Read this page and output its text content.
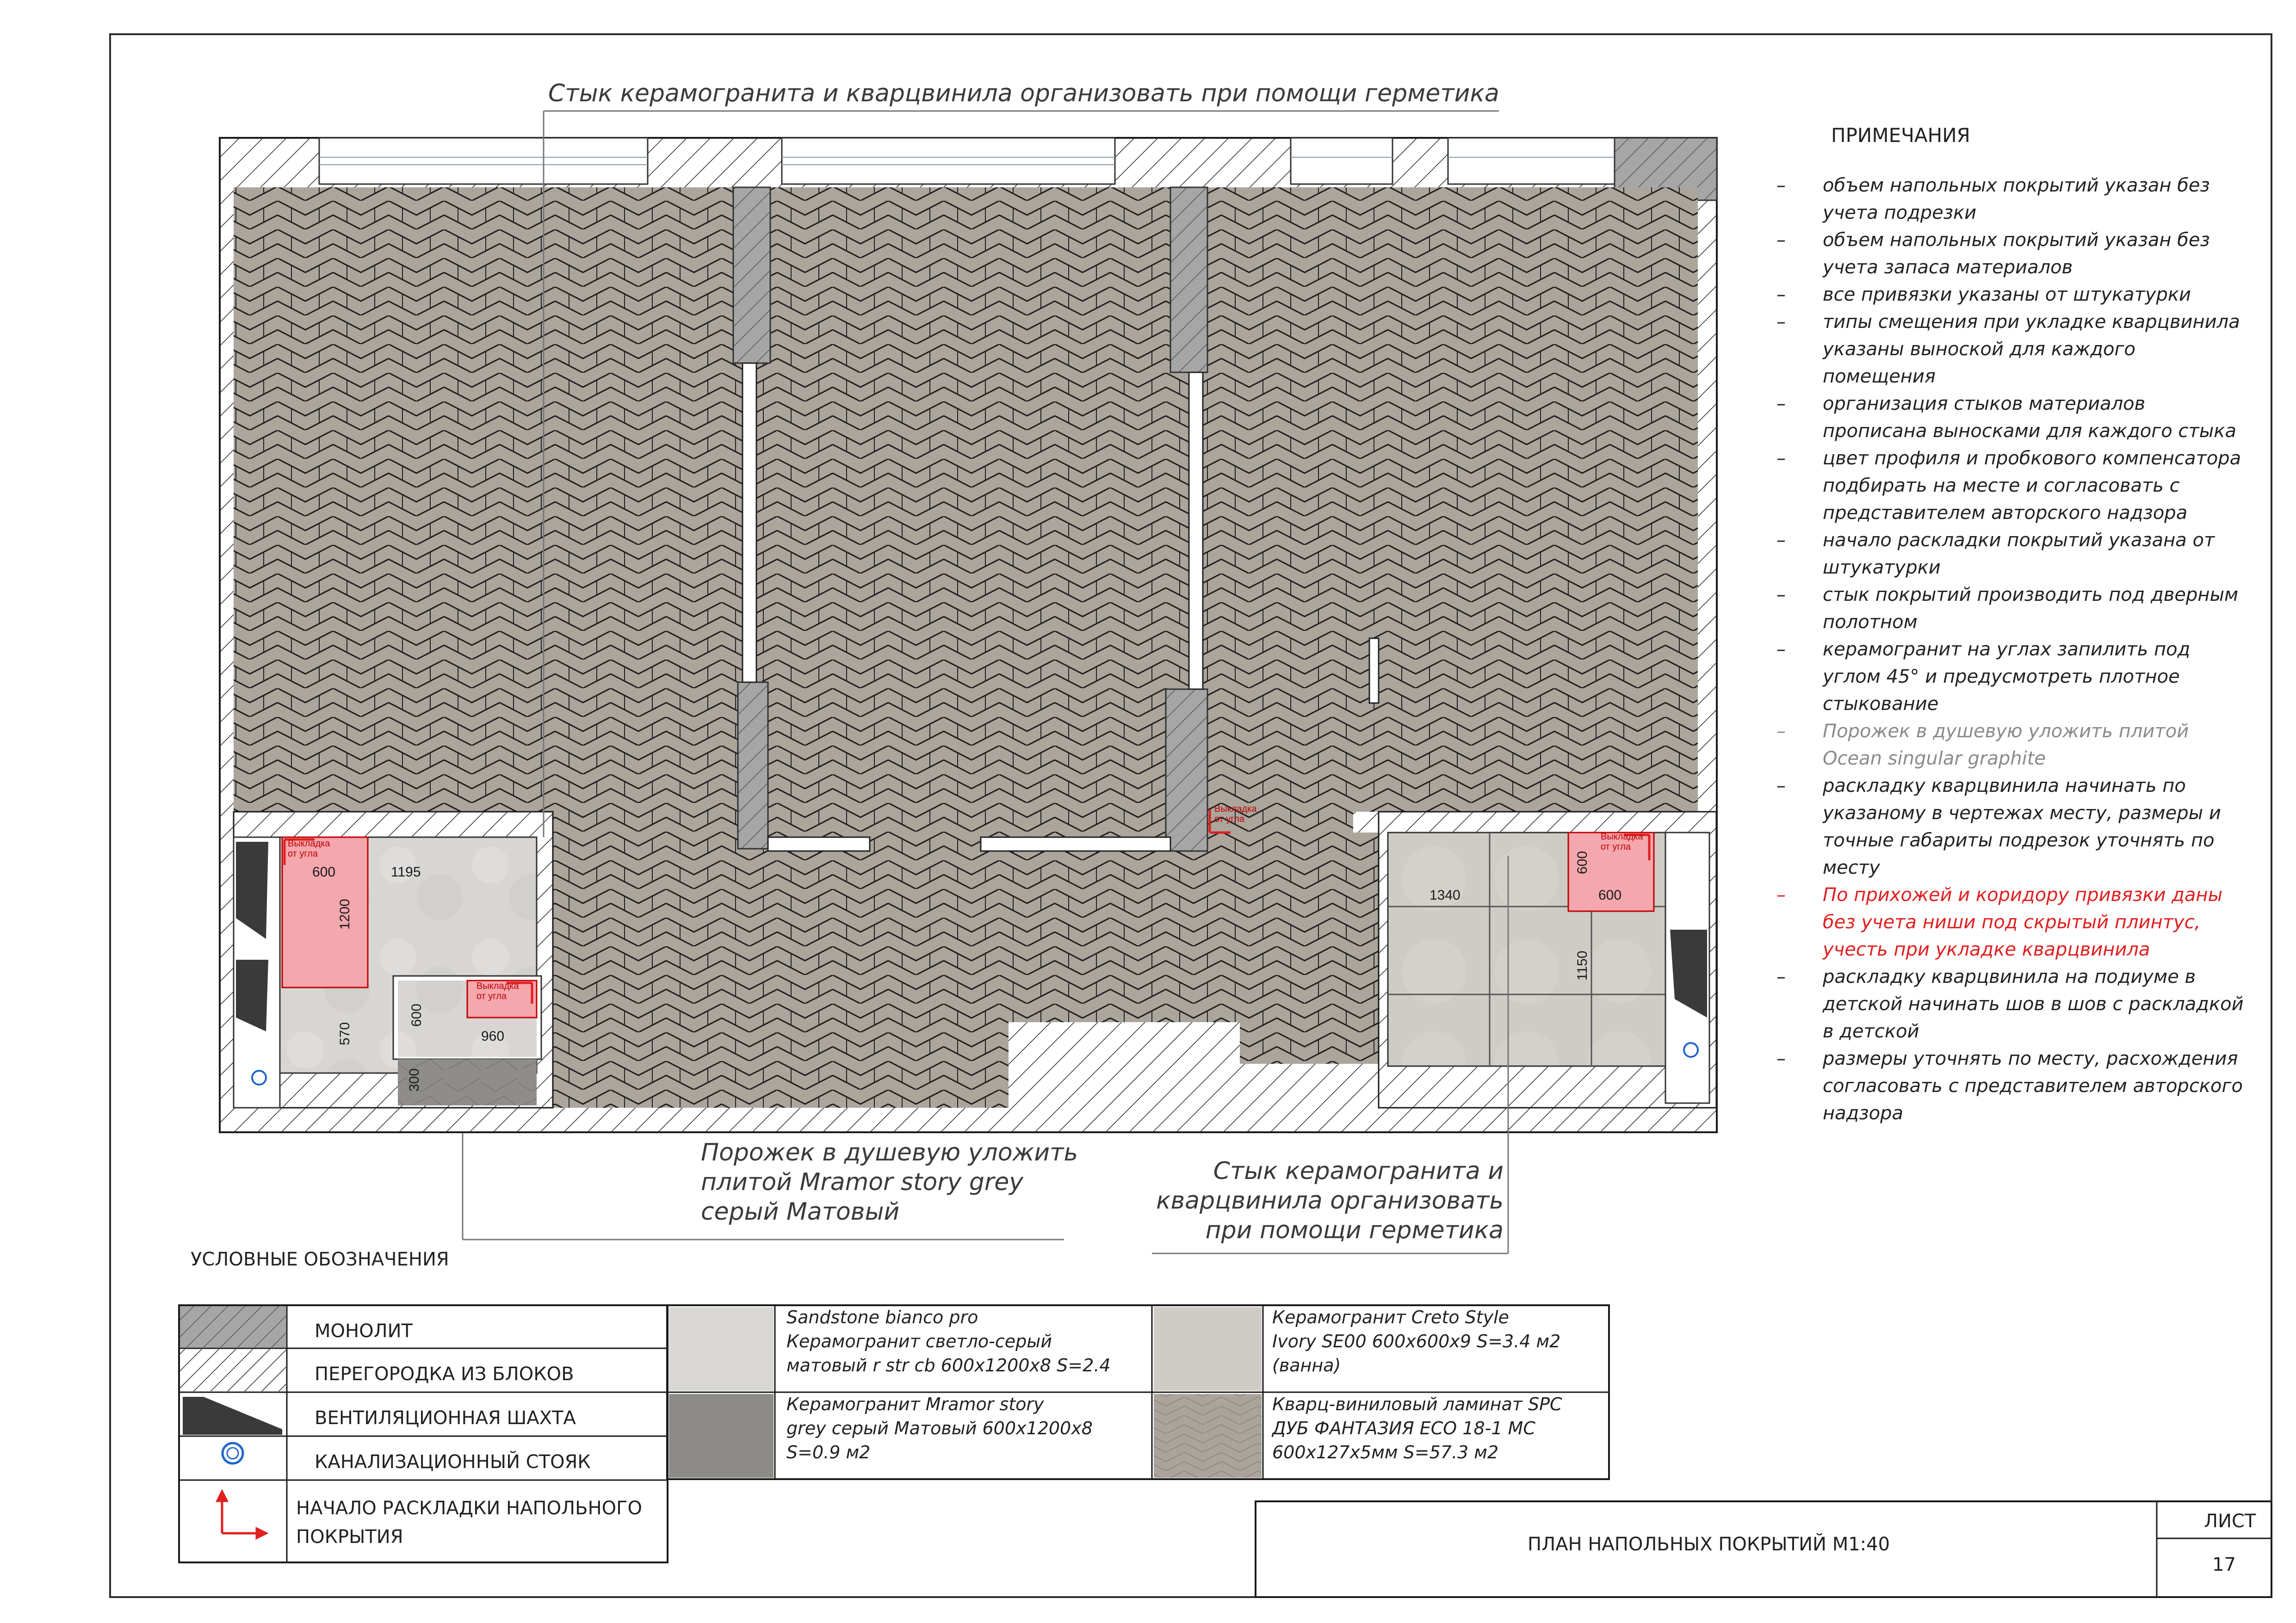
Выкладка от угла
Выкладка от угла
Выкладка от угла
Выкладка от угла
600	1195
1200
570
600
960
300
1340
600
600
1150
Стык керамогранита и кварцвинила организовать при помощи герметика
Порожек в душевую уложить
плитой Mramor story grey
серый Матовый
Стык керамогранита и
кварцвинила организовать
при помощи герметика
ПРИМЕЧАНИЯ
– объем напольных покрытий указан без учета подрезки
– объем напольных покрытий указан без учета запаса материалов
– все привязки указаны от штукатурки
– типы смещения при укладке кварцвинила указаны выноской для каждого помещения
– организация стыков материалов прописана выносками для каждого стыка
– цвет профиля и пробкового компенсатора подбирать на месте и согласовать с представителем авторского надзора
– начало раскладки покрытий указана от штукатурки
– стык покрытий производить под дверным полотном
– керамогранит на углах запилить под углом 45° и предусмотреть плотное стыкование
– Порожек в душевую уложить плитой Ocean singular graphite
– раскладку кварцвинила начинать по указаному в чертежах месту, размеры и точные габариты подрезок уточнять по месту
– По прихожей и коридору привязки даны без учета ниши под скрытый плинтус, учесть при укладке кварцвинила
– раскладку кварцвинила на подиуме в детской начинать шов в шов с раскладкой в детской
– размеры уточнять по месту, расхождения согласовать с представителем авторского надзора
УСЛОВНЫЕ ОБОЗНАЧЕНИЯ
МОНОЛИТ
ПЕРЕГОРОДКА ИЗ БЛОКОВ
ВЕНТИЛЯЦИОННАЯ ШАХТА
КАНАЛИЗАЦИОННЫЙ СТОЯК
НАЧАЛО РАСКЛАДКИ НАПОЛЬНОГО
ПОКРЫТИЯ
Sandstone bianco pro
Керамогранит светло-серый
матовый r str cb 600x1200x8 S=2.4
Керамогранит Creto Style
Ivory SE00 600x600x9 S=3.4 м2
(ванна)
Керамогранит Mramor story
grey серый Матовый 600x1200x8
S=0.9 м2
Кварц-виниловый ламинат SPC
ДУБ ФАНТАЗИЯ ECO 18-1 MC
600x127x5мм S=57.3 м2
ПЛАН НАПОЛЬНЫХ ПОКРЫТИЙ М1:40
ЛИСТ
17
